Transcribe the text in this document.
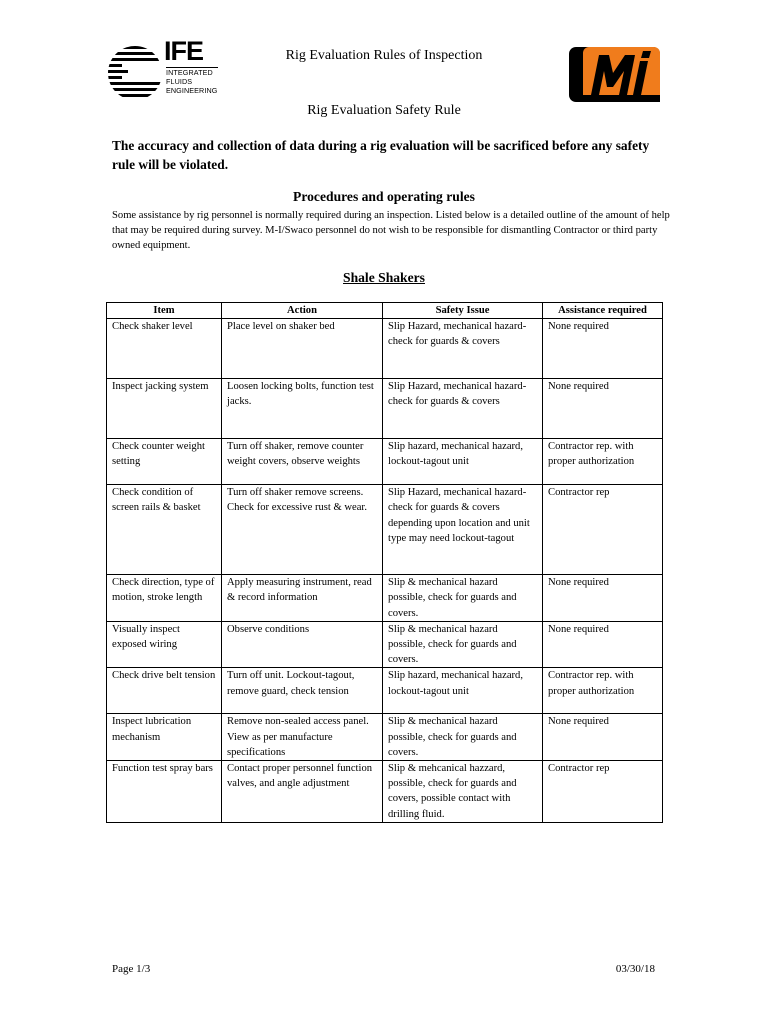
Rig Evaluation Rules of Inspection
IFE
INTEGRATED
FLUIDS
ENGINEERING
Rig Evaluation Safety Rule
The accuracy and collection of data during a rig evaluation will be sacrificed before any safety rule will be violated.
Procedures and operating rules
Some assistance by rig personnel is normally required during an inspection. Listed below is a detailed outline of the amount of help that may be required during survey. M-I/Swaco personnel do not wish to be responsible for dismantling Contractor or third party owned equipment.
Shale Shakers
Item	Action	Safety Issue	Assistance required
Check shaker level	Place level on shaker bed	Slip Hazard, mechanical hazard-check for guards & covers	None required
Inspect jacking system	Loosen locking bolts, function test jacks.	Slip Hazard, mechanical hazard-check for guards & covers	None required
Check counter weight setting	Turn off shaker, remove counter weight covers, observe weights	Slip hazard, mechanical hazard, lockout-tagout unit	Contractor rep. with proper authorization
Check condition of screen rails & basket	Turn off shaker remove screens. Check for excessive rust & wear.	Slip Hazard, mechanical hazard-check for guards & covers depending upon location and unit type may need lockout-tagout	Contractor rep
Check direction, type of motion, stroke length	Apply measuring instrument, read & record information	Slip & mechanical hazard possible, check for guards and covers.	None required
Visually inspect exposed wiring	Observe conditions	Slip & mechanical hazard possible, check for guards and covers.	None required
Check drive belt tension	Turn off unit. Lockout-tagout, remove guard, check tension	Slip hazard, mechanical hazard, lockout-tagout unit	Contractor rep. with proper authorization
Inspect lubrication mechanism	Remove non-sealed access panel. View as per manufacture specifications	Slip & mechanical hazard possible, check for guards and covers.	None required
Function test spray bars	Contact proper personnel function valves, and angle adjustment	Slip & mehcanical hazzard, possible, check for guards and covers, possible contact with drilling fluid.	Contractor rep
Page 1/3	03/30/18
